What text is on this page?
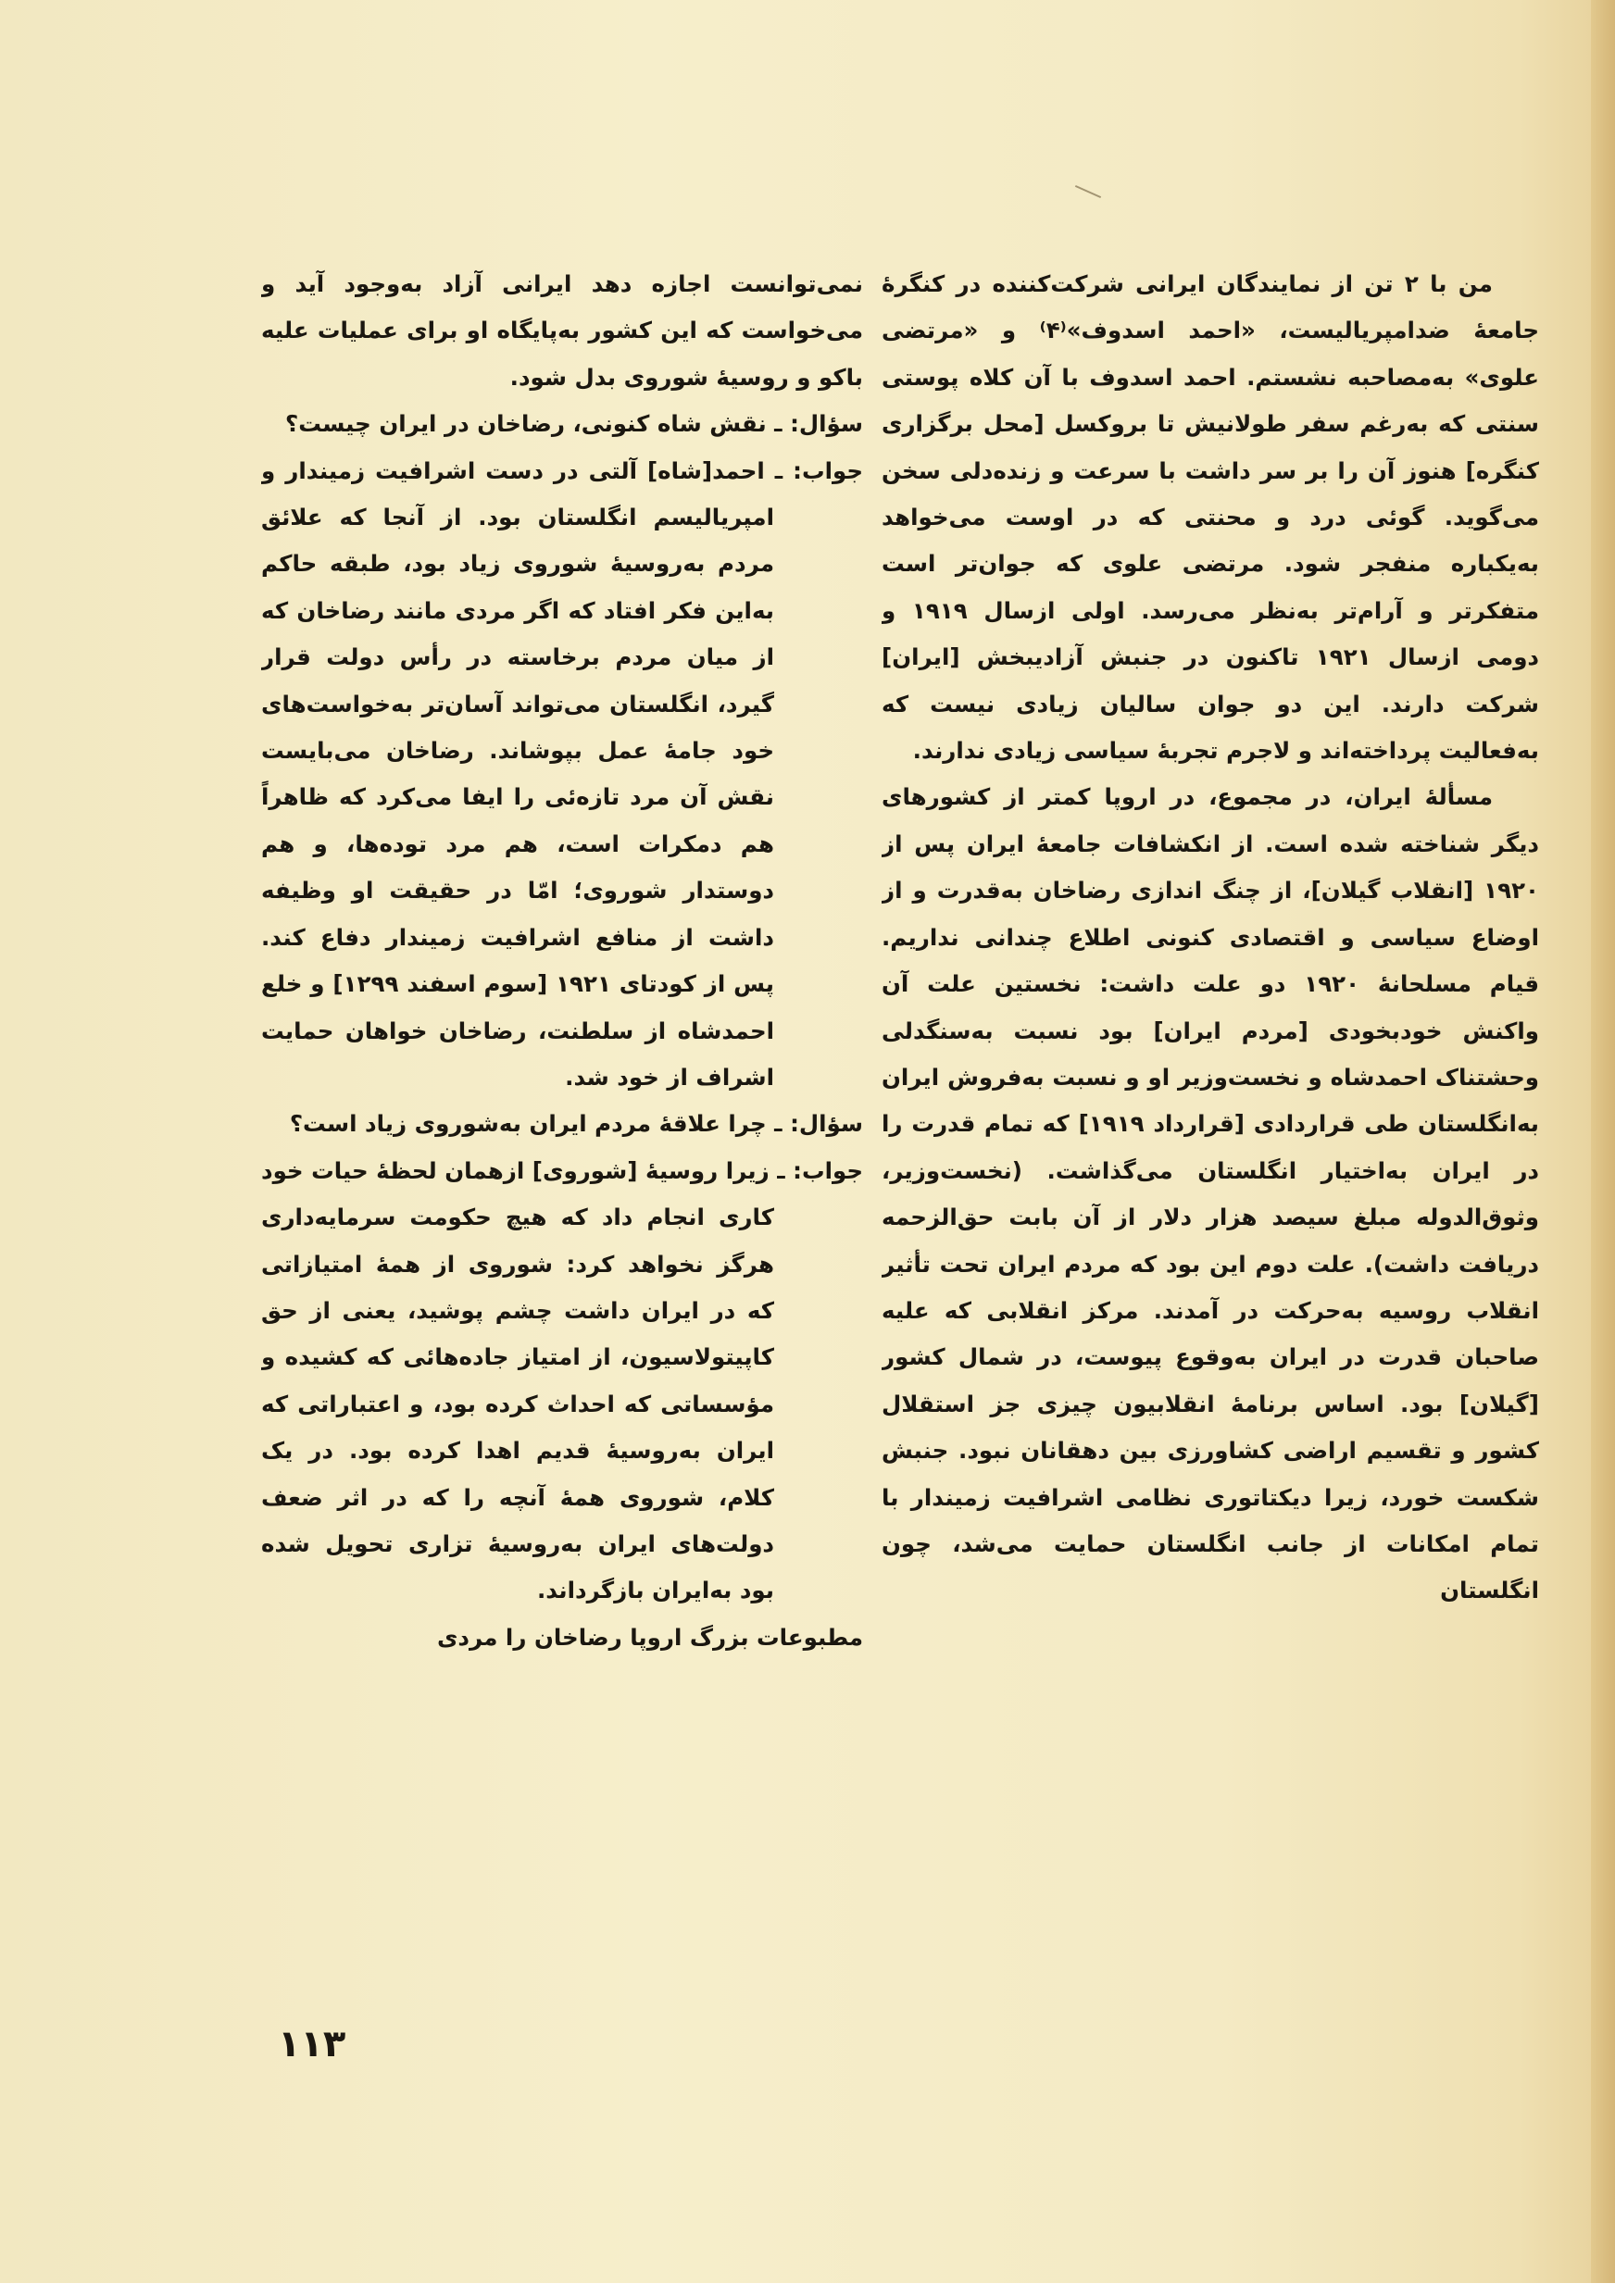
من با ۲ تن از نمایندگان ایرانی شرکت‌کننده در کنگرهٔ جامعهٔ ضدامپریالیست، «احمد اسدوف»⁽۴⁾ و «مرتضی علوی» به‌مصاحبه نشستم. احمد اسدوف با آن کلاه پوستی سنتی که به‌رغم سفر طولانیش تا بروکسل [محل برگزاری کنگره] هنوز آن را بر سر داشت با سرعت و زنده‌دلی سخن می‌گوید. گوئی درد و محنتی که در اوست می‌خواهد به‌یکباره منفجر شود. مرتضی علوی که جوان‌تر است متفکرتر و آرام‌تر به‌نظر می‌رسد. اولی ازسال ۱۹۱۹ و دومی ازسال ۱۹۲۱ تاکنون در جنبش آزادیبخش [ایران] شرکت دارند. این دو جوان سالیان زیادی نیست که به‌فعالیت پرداخته‌اند و لاجرم تجربهٔ سیاسی زیادی ندارند.

مسألهٔ ایران، در مجموع، در اروپا کمتر از کشورهای دیگر شناخته شده است. از انکشافات جامعهٔ ایران پس از ۱۹۲۰ [انقلاب گیلان]، از چنگ اندازی رضاخان به‌قدرت و از اوضاع سیاسی و اقتصادی کنونی اطلاع چندانی نداریم. قیام مسلحانهٔ ۱۹۲۰ دو علت داشت: نخستین علت آن واکنش خودبخودی [مردم ایران] بود نسبت به‌سنگدلی وحشتناک احمدشاه و نخست‌وزیر او و نسبت به‌فروش ایران به‌انگلستان طی قراردادی [قرارداد ۱۹۱۹] که تمام قدرت را در ایران به‌اختیار انگلستان می‌گذاشت. (نخست‌وزیر، وثوق‌الدوله مبلغ سیصد هزار دلار از آن بابت حق‌الزحمه دریافت داشت). علت دوم این بود که مردم ایران تحت تأثیر انقلاب روسیه به‌حرکت در آمدند. مرکز انقلابی که علیه صاحبان قدرت در ایران به‌وقوع پیوست، در شمال کشور [گیلان] بود. اساس برنامهٔ انقلابیون چیزی جز استقلال کشور و تقسیم اراضی کشاورزی بین دهقانان نبود. جنبش شکست خورد، زیرا دیکتاتوری نظامی اشرافیت زمیندار با تمام امکانات از جانب انگلستان حمایت می‌شد، چون انگلستان

نمی‌توانست اجازه دهد ایرانی آزاد به‌وجود آید و می‌خواست که این کشور به‌پایگاه او برای عملیات علیه باکو و روسیهٔ شوروی بدل شود.

سؤال: ـ نقش شاه کنونی، رضاخان در ایران چیست؟

جواب: ـ احمد[شاه] آلتی در دست اشرافیت زمیندار و امپریالیسم انگلستان بود. از آنجا که علائق مردم به‌روسیهٔ شوروی زیاد بود، طبقه حاکم به‌این فکر افتاد که اگر مردی مانند رضاخان که از میان مردم برخاسته در رأس دولت قرار گیرد، انگلستان می‌تواند آسان‌تر به‌خواست‌های خود جامهٔ عمل بپوشاند. رضاخان می‌بایست نقش آن مرد تازه‌ئی را ایفا می‌کرد که ظاهراً هم دمکرات است، هم مرد توده‌ها، و هم دوستدار شوروی؛ امّا در حقیقت او وظیفه داشت از منافع اشرافیت زمیندار دفاع کند. پس از کودتای ۱۹۲۱ [سوم اسفند ۱۲۹۹] و خلع احمدشاه از سلطنت، رضاخان خواهان حمایت اشراف از خود شد.

سؤال: ـ چرا علاقهٔ مردم ایران به‌شوروی زیاد است؟

جواب: ـ زیرا روسیهٔ [شوروی] ازهمان لحظهٔ حیات خود کاری انجام داد که هیچ حکومت سرمایه‌داری هرگز نخواهد کرد: شوروی از همهٔ امتیازاتی که در ایران داشت چشم پوشید، یعنی از حق کاپیتولاسیون، از امتیاز جاده‌هائی که کشیده و مؤسساتی که احداث کرده بود، و اعتباراتی که ایران به‌روسیهٔ قدیم اهدا کرده بود. در یک کلام، شوروی همهٔ آنچه را که در اثر ضعف دولت‌های ایران به‌روسیهٔ تزاری تحویل شده بود به‌ایران بازگرداند.

مطبوعات بزرگ اروپا رضاخان را مردی

۱۱۳
